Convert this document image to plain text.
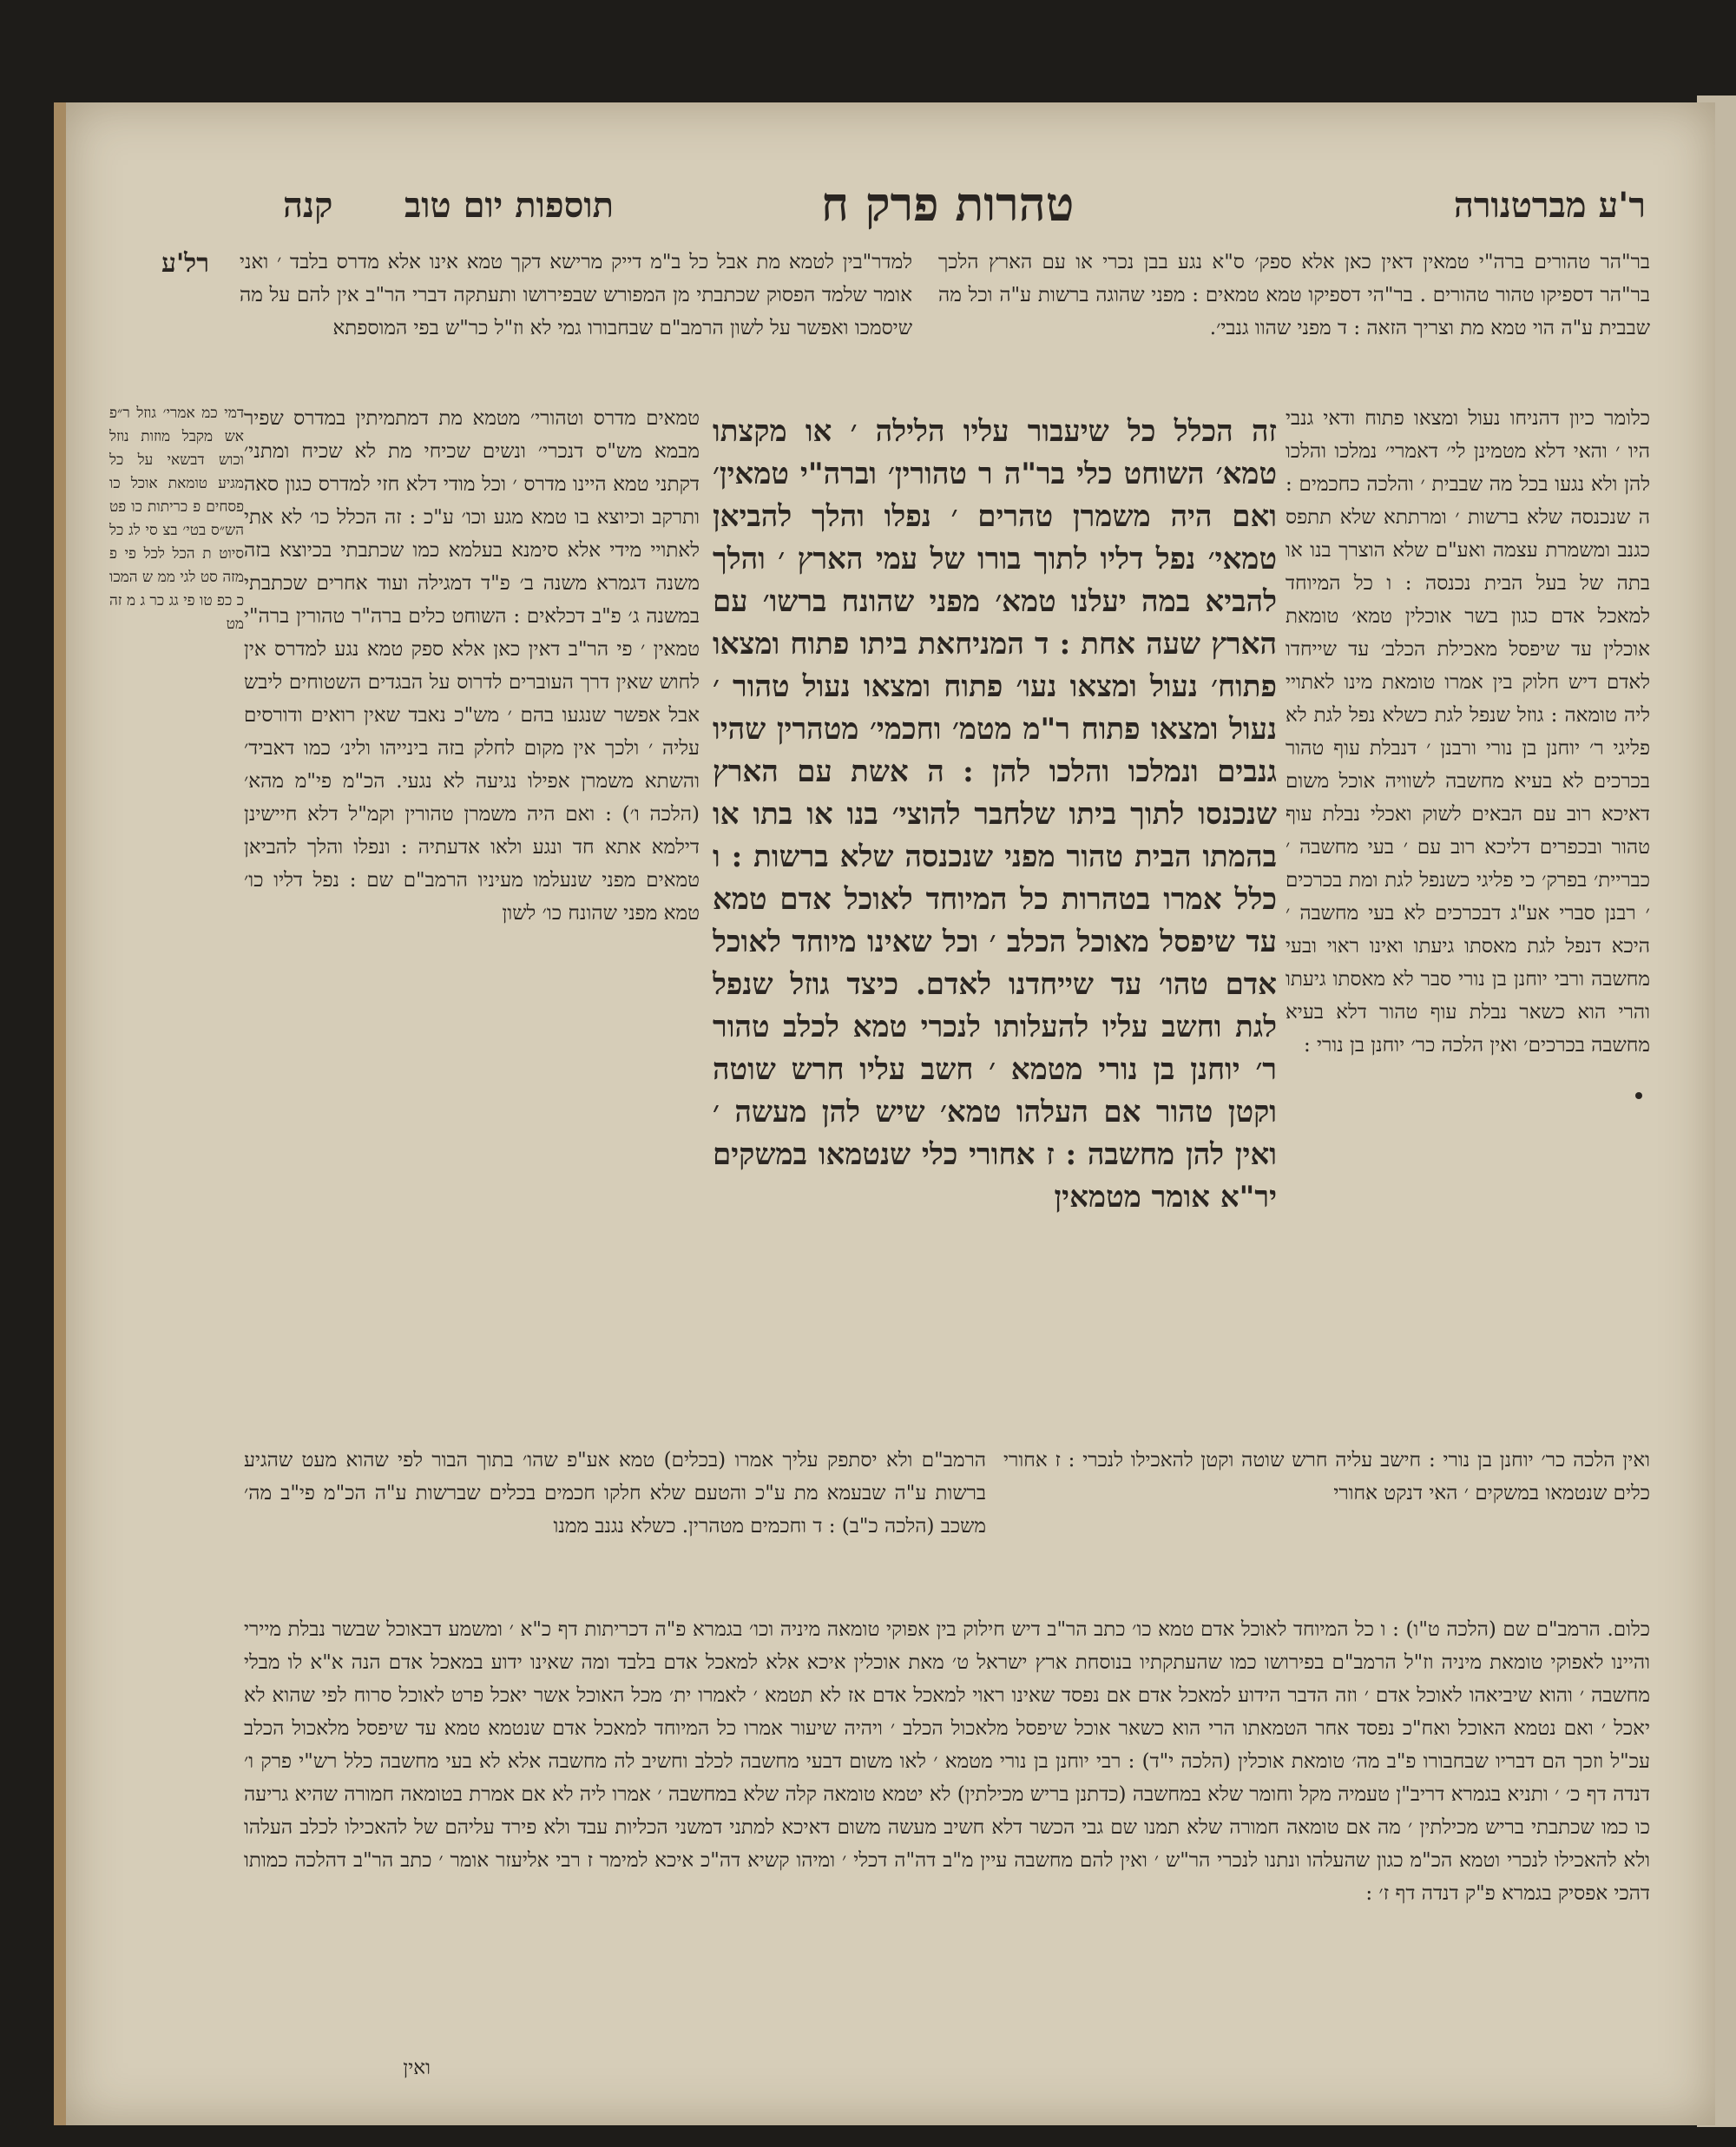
ר'ע מברטנורה
טהרות פרק ח
תוספות יום טוב
קנה
רל'ע	בר"הר טהורים ברה"י טמאין דאין כאן אלא ספק׳ ס"א נגע בבן נכרי או עם הארץ הלכך בר"הר דספיקו טהור טהורים . בר"הי דספיקו טמא טמאים : מפני שהוגה ברשות ע"ה וכל מה שבבית ע"ה הוי טמא מת וצריך הזאה : ד מפני שהוו גנבי׳.

למדר"בין לטמא מת אבל כל ב"מ דייק מרישא דקך טמא אינו אלא מדרס בלבד ׳ ואני אומר שלמד הפסוק שכתבתי מן המפורש שבפירושו ותעתקה דברי הר"ב אין להם על מה שיסמכו ואפשר על לשון הרמב"ם שבחבורו גמי לא וז"ל כר"ש בפי המוספתא

דמי כמ אמרי׳ גוזל ר״פ אש מקבל מוזות נוזל וכוש דבשאי על כל מגיע טומאת אוכל כו פסחים פ כריתות כו פט הש״ס בטי׳ בצ סי לג כל סיוט ת הכל לכל פי פ מזה סט לגי ממ ש המכו כ כפ טו פי גג כר ג מ זה מט

טמאים מדרס וטהורי׳ מטמא מת דמתמיתין במדרס שפיר מבמא מש"ס דנכרי׳ ונשים שכיחי מת לא שכיח ומתני׳ דקתני טמא היינו מדרס ׳ וכל מודי דלא חזי למדרס כגון סאה ותרקב וכיוצא בו טמא מגע וכו׳ ע"כ : זה הכלל כו׳ לא אתי לאתויי מידי אלא סימנא בעלמא כמו שכתבתי בכיוצא בזה משנה דגמרא משנה ב׳ פ"ד דמגילה ועוד אחרים שכתבתי במשנה ג׳ פ"ב דכלאים : השוחט כלים ברה"ר טהורין ברה"י טמאין ׳ פי הר"ב דאין כאן אלא ספק טמא נגע למדרס אין לחוש שאין דרך העוברים לדרוס על הבגדים השטוחים ליבש אבל אפשר שנגעו בהם ׳ מש"כ נאבד שאין רואים ודורסים עליה ׳ ולכך אין מקום לחלק בזה בינייהו ולינ׳ כמו דאביד׳ והשתא משמרן אפילו נגיעה לא נגעי. הכ"מ פי"מ מהא׳ (הלכה ו׳) : ואם היה משמרן טהורין וקמ"ל דלא חיישינן דילמא אתא חד ונגע ולאו אדעתיה : ונפלו והלך להביאן טמאים מפני שנעלמו מעיניו הרמב"ם שם : נפל דליו כו׳ טמא מפני שהונח כו׳ לשון

זה הכלל כל שיעבור עליו הלילה ׳ או מקצתו טמא׳ השוחט כלי בר"ה ר טהורין׳ וברה"י טמאין׳ ואם היה משמרן טהרים ׳ נפלו והלך להביאן טמאי׳ נפל דליו לתוך בורו של עמי הארץ ׳ והלך להביא במה יעלנו טמא׳ מפני שהונח ברשו׳ עם הארץ שעה אחת : ד המניחאת ביתו פתוח ומצאו פתוח׳ נעול ומצאו נעו׳ פתוח ומצאו נעול טהור ׳ נעול ומצאו פתוח ר"מ מטמ׳ וחכמי׳ מטהרין שהיו גנבים ונמלכו והלכו להן : ה אשת עם הארץ שנכנסו לתוך ביתו שלחבר להוצי׳ בנו או בתו או בהמתו הבית טהור מפני שנכנסה שלא ברשות : ו כלל אמרו בטהרות כל המיוחד לאוכל אדם טמא עד שיפסל מאוכל הכלב ׳ וכל שאינו מיוחד לאוכל אדם טהו׳ עד שייחדנו לאדם. כיצד גוזל שנפל לגת וחשב עליו להעלותו לנכרי טמא לכלב טהור ר׳ יוחנן בן נורי מטמא ׳ חשב עליו חרש שוטה וקטן טהור אם העלהו טמא׳ שיש להן מעשה ׳ ואין להן מחשבה : ז אחורי כלי שנטמאו במשקים יר"א אומר מטמאין

כלומר כיון דהניחו נעול ומצאו פתוח ודאי גנבי היו ׳ והאי דלא מטמינן לי׳ דאמרי׳ נמלכו והלכו להן ולא נגעו בכל מה שבבית ׳ והלכה כחכמים : ה שנכנסה שלא ברשות ׳ ומרתתא שלא תתפס כגנב ומשמרת עצמה ואע"ם שלא הוצרך בנו או בתה של בעל הבית נכנסה : ו כל המיוחד למאכל אדם כגון בשר אוכלין טמא׳ טומאת אוכלין עד שיפסל מאכילת הכלב׳ עד שייחדו לאדם דיש חלוק בין אמרו טומאת מינו לאתויי ליה טומאה : גוזל שנפל לגת כשלא נפל לגת לא פליגי ר׳ יוחנן בן נורי ורבנן ׳ דנבלת עוף טהור בכרכים לא בעיא מחשבה לשוויה אוכל משום דאיכא רוב עם הבאים לשוק ואכלי נבלת עוף טהור ובכפרים דליכא רוב עם ׳ בעי מחשבה ׳ כבריית׳ בפרק׳ כי פליגי כשנפל לגת ומת בכרכים ׳ רבנן סברי אע"ג דבכרכים לא בעי מחשבה ׳ היכא דנפל לגת מאסתו גיעתו ואינו ראוי ובעי מחשבה ורבי יוחנן בן נורי סבר לא מאסתו גיעתו והרי הוא כשאר נבלת עוף טהור דלא בעיא מחשבה בכרכים׳ ואין הלכה כר׳ יוחנן בן נורי :

הרמב"ם ולא יסתפק עליך אמרו (בכלים) טמא אע"פ שהו׳ בתוך הבור לפי שהוא מעט שהגיע ברשות ע"ה שבעמא מת ע"כ והטעם שלא חלקו חכמים בכלים שברשות ע"ה הכ"מ פי"ב מה׳ משכב (הלכה כ"ב) : ד וחכמים מטהרין. כשלא נגנב ממנו

ואין הלכה כר׳ יוחנן בן נורי : חישב עליה חרש שוטה וקטן להאכילו לנכרי : ז אחורי כלים שנטמאו במשקים ׳ האי דנקט אחורי

כלום. הרמב"ם שם (הלכה ט"ו) : ו כל המיוחד לאוכל אדם טמא כו׳ כתב הר"ב דיש חילוק בין אפוקי טומאה מיניה וכו׳ בגמרא פ"ה דכריתות דף כ"א ׳ ומשמע דבאוכל שבשר נבלת מיירי והיינו לאפוקי טומאת מיניה וז"ל הרמב"ם בפירושו כמו שהעתקתיו בנוסחת ארץ ישראל ט׳ מאת אוכלין איכא אלא למאכל אדם בלבד ומה שאינו ידוע במאכל אדם הנה א"א לו מבלי מחשבה ׳ והוא שיביאהו לאוכל אדם ׳ וזה הדבר הידוע למאכל אדם אם נפסד שאינו ראוי למאכל אדם אז לא תטמא ׳ לאמרו ית׳ מכל האוכל אשר יאכל פרט לאוכל סרוח לפי שהוא לא יאכל ׳ ואם נטמא האוכל ואח"כ נפסד אחר הטמאתו הרי הוא כשאר אוכל שיפסל מלאכול הכלב ׳ ויהיה שיעור אמרו כל המיוחד למאכל אדם שנטמא טמא עד שיפסל מלאכול הכלב עכ"ל וזכך הם דבריו שבחבורו פ"ב מה׳ טומאת אוכלין (הלכה י"ד) : רבי יוחנן בן נורי מטמא ׳ לאו משום דבעי מחשבה לכלב וחשיב לה מחשבה אלא לא בעי מחשבה כלל רש"י פרק ו׳ דנדה דף כ׳ ׳ ותניא בגמרא דריב"ן טעמיה מקל וחומר שלא במחשבה (כדתנן בריש מכילתין) לא יטמא טומאה קלה שלא במחשבה ׳ אמרו ליה לא אם אמרת בטומאה חמורה שהיא גריעה כו כמו שכתבתי בריש מכילתין ׳ מה אם טומאה חמורה שלא תמנו שם גבי הכשר דלא חשיב מעשה משום דאיכא למתני דמשני הכליות עבד ולא פירד עליהם של להאכילו לכלב העלהו ולא להאכילו לנכרי וטמא הכ"מ כגון שהעלהו ונתנו לנכרי הר"ש ׳ ואין להם מחשבה עיין מ"ב דה"ה דכלי ׳ ומיהו קשיא דה"כ איכא למימר ז רבי אליעזר אומר ׳ כתב הר"ב דהלכה כמותו דהכי אפסיק בגמרא פ"ק דנדה דף ז׳ :

ואין
